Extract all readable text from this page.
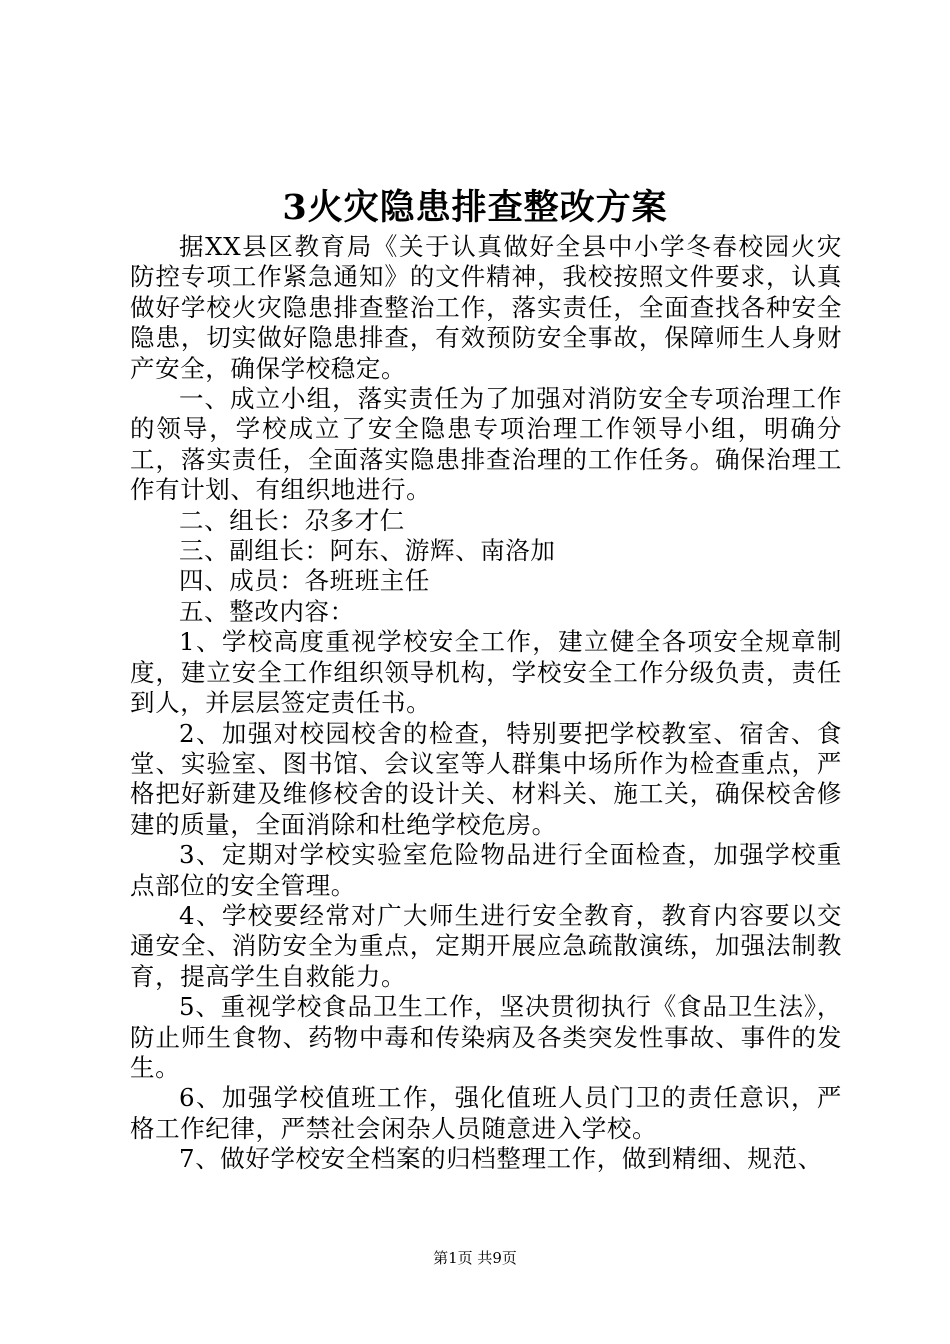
3火灾隐患排查整改方案

据XX县区教育局《关于认真做好全县中小学冬春校园火灾防控专项工作紧急通知》的文件精神，我校按照文件要求，认真做好学校火灾隐患排查整治工作，落实责任，全面查找各种安全隐患，切实做好隐患排查，有效预防安全事故，保障师生人身财产安全，确保学校稳定。

一、成立小组，落实责任为了加强对消防安全专项治理工作的领导，学校成立了安全隐患专项治理工作领导小组，明确分工，落实责任，全面落实隐患排查治理的工作任务。确保治理工作有计划、有组织地进行。

二、组长：尕多才仁

三、副组长：阿东、游辉、南洛加

四、成员：各班班主任

五、整改内容：

1、学校高度重视学校安全工作，建立健全各项安全规章制度，建立安全工作组织领导机构，学校安全工作分级负责，责任到人，并层层签定责任书。

2、加强对校园校舍的检查，特别要把学校教室、宿舍、食堂、实验室、图书馆、会议室等人群集中场所作为检查重点，严格把好新建及维修校舍的设计关、材料关、施工关，确保校舍修建的质量，全面消除和杜绝学校危房。

3、定期对学校实验室危险物品进行全面检查，加强学校重点部位的安全管理。

4、学校要经常对广大师生进行安全教育，教育内容要以交通安全、消防安全为重点，定期开展应急疏散演练，加强法制教育，提高学生自救能力。

5、重视学校食品卫生工作，坚决贯彻执行《食品卫生法》，防止师生食物、药物中毒和传染病及各类突发性事故、事件的发生。

6、加强学校值班工作，强化值班人员门卫的责任意识，严格工作纪律，严禁社会闲杂人员随意进入学校。

7、做好学校安全档案的归档整理工作，做到精细、规范、

第1页 共9页
